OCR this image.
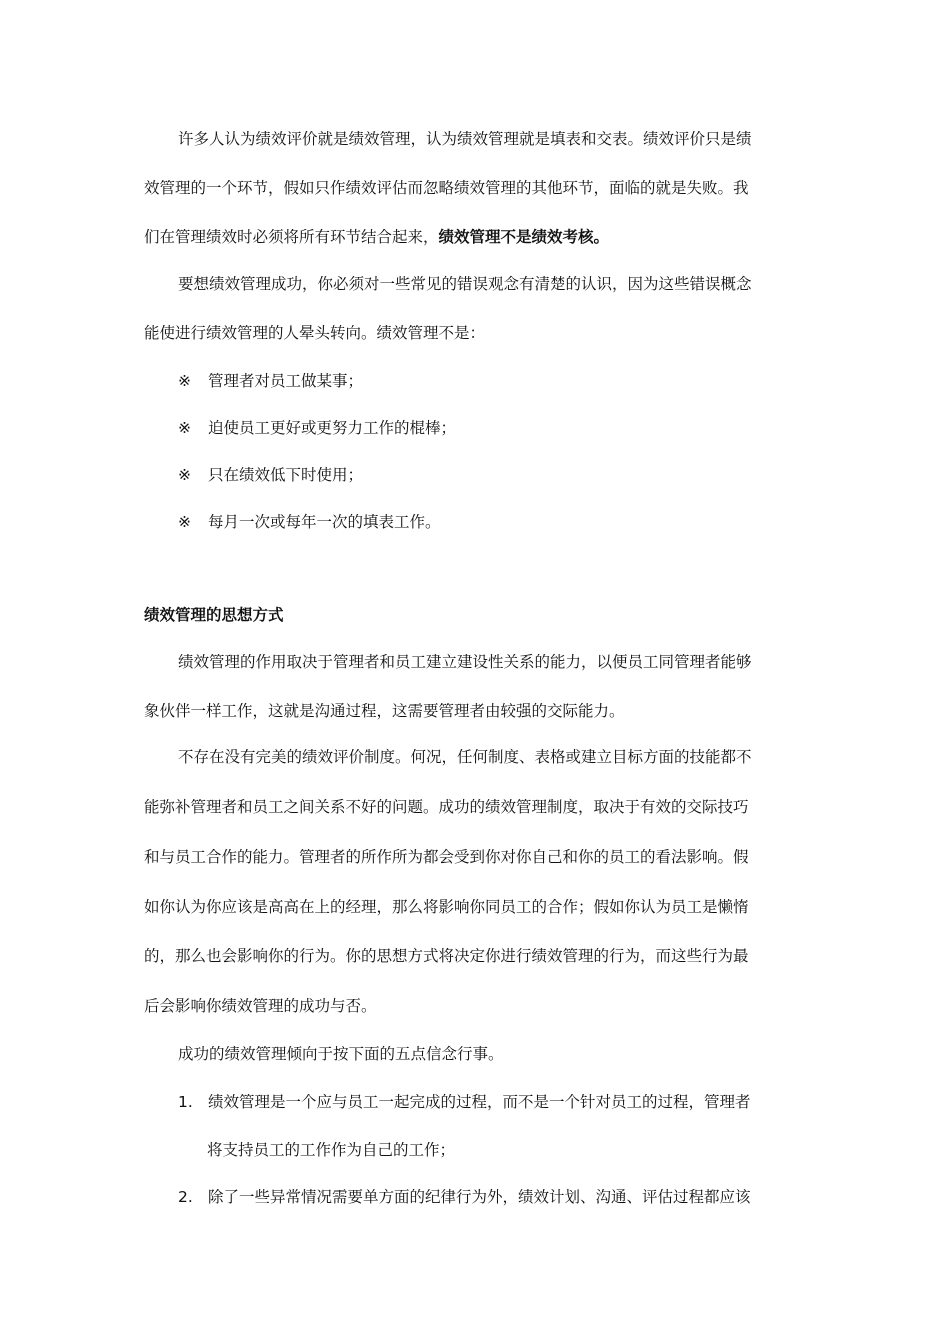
许多人认为绩效评价就是绩效管理，认为绩效管理就是填表和交表。绩效评价只是绩
效管理的一个环节，假如只作绩效评估而忽略绩效管理的其他环节，面临的就是失败。我
们在管理绩效时必须将所有环节结合起来，绩效管理不是绩效考核。
要想绩效管理成功，你必须对一些常见的错误观念有清楚的认识，因为这些错误概念
能使进行绩效管理的人晕头转向。绩效管理不是：
※ 管理者对员工做某事；
※ 迫使员工更好或更努力工作的棍棒；
※ 只在绩效低下时使用；
※ 每月一次或每年一次的填表工作。
绩效管理的思想方式
绩效管理的作用取决于管理者和员工建立建设性关系的能力，以便员工同管理者能够
象伙伴一样工作，这就是沟通过程，这需要管理者由较强的交际能力。
不存在没有完美的绩效评价制度。何况，任何制度、表格或建立目标方面的技能都不
能弥补管理者和员工之间关系不好的问题。成功的绩效管理制度，取决于有效的交际技巧
和与员工合作的能力。管理者的所作所为都会受到你对你自己和你的员工的看法影响。假
如你认为你应该是高高在上的经理，那么将影响你同员工的合作；假如你认为员工是懒惰
的，那么也会影响你的行为。你的思想方式将决定你进行绩效管理的行为，而这些行为最
后会影响你绩效管理的成功与否。
成功的绩效管理倾向于按下面的五点信念行事。
1. 绩效管理是一个应与员工一起完成的过程，而不是一个针对员工的过程，管理者
将支持员工的工作作为自己的工作；
2. 除了一些异常情况需要单方面的纪律行为外，绩效计划、沟通、评估过程都应该
